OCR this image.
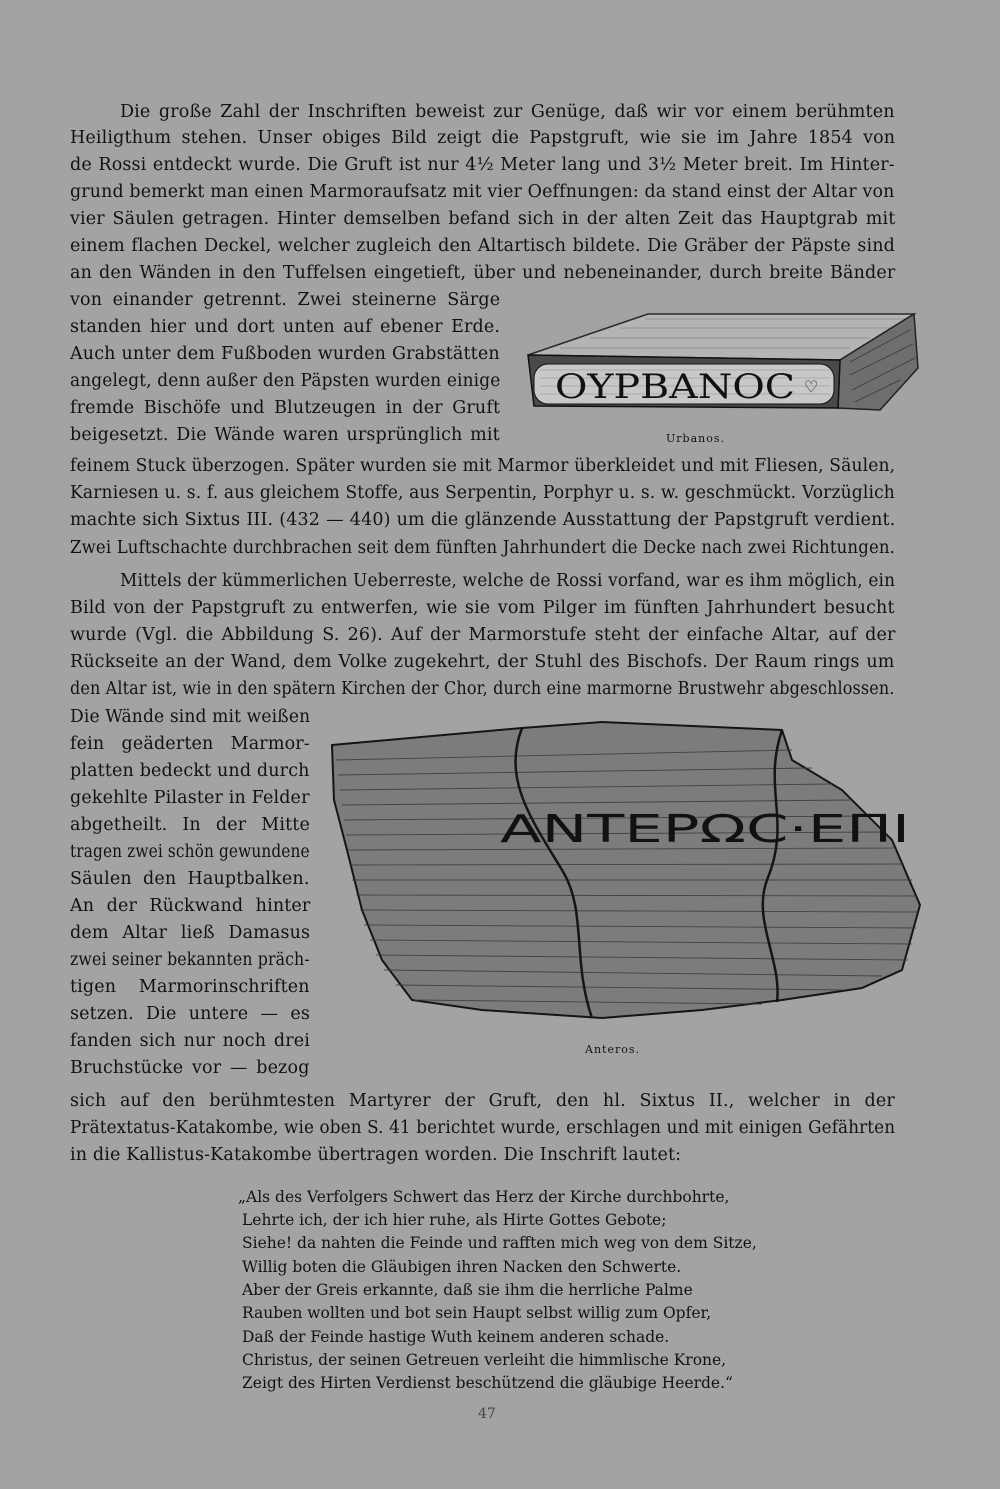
Die große Zahl der Inschriften beweist zur Genüge, daß wir vor einem berühmten
Heiligthum stehen. Unser obiges Bild zeigt die Papstgruft, wie sie im Jahre 1854 von
de Rossi entdeckt wurde. Die Gruft ist nur 4½ Meter lang und 3½ Meter breit. Im Hinter-
grund bemerkt man einen Marmoraufsatz mit vier Oeffnungen: da stand einst der Altar von
vier Säulen getragen. Hinter demselben befand sich in der alten Zeit das Hauptgrab mit
einem flachen Deckel, welcher zugleich den Altartisch bildete. Die Gräber der Päpste sind
an den Wänden in den Tuffelsen eingetieft, über und nebeneinander, durch breite Bänder
von einander getrennt. Zwei steinerne Särge
standen hier und dort unten auf ebener Erde.
Auch unter dem Fußboden wurden Grabstätten
angelegt, denn außer den Päpsten wurden einige
fremde Bischöfe und Blutzeugen in der Gruft
beigesetzt. Die Wände waren ursprünglich mit
feinem Stuck überzogen. Später wurden sie mit Marmor überkleidet und mit Fliesen, Säulen,
Karniesen u. s. f. aus gleichem Stoffe, aus Serpentin, Porphyr u. s. w. geschmückt. Vorzüglich
machte sich Sixtus III. (432 — 440) um die glänzende Ausstattung der Papstgruft verdient.
Zwei Luftschachte durchbrachen seit dem fünften Jahrhundert die Decke nach zwei Richtungen.
Mittels der kümmerlichen Ueberreste, welche de Rossi vorfand, war es ihm möglich, ein
Bild von der Papstgruft zu entwerfen, wie sie vom Pilger im fünften Jahrhundert besucht
wurde (Vgl. die Abbildung S. 26). Auf der Marmorstufe steht der einfache Altar, auf der
Rückseite an der Wand, dem Volke zugekehrt, der Stuhl des Bischofs. Der Raum rings um
den Altar ist, wie in den spätern Kirchen der Chor, durch eine marmorne Brustwehr abgeschlossen.
Die Wände sind mit weißen
fein geäderten Marmor-
platten bedeckt und durch
gekehlte Pilaster in Felder
abgetheilt. In der Mitte
tragen zwei schön gewundene
Säulen den Hauptbalken.
An der Rückwand hinter
dem Altar ließ Damasus
zwei seiner bekannten präch-
tigen Marmorinschriften
setzen. Die untere — es
fanden sich nur noch drei
Bruchstücke vor — bezog
sich auf den berühmtesten Martyrer der Gruft, den hl. Sixtus II., welcher in der
Prätextatus-Katakombe, wie oben S. 41 berichtet wurde, erschlagen und mit einigen Gefährten
in die Kallistus-Katakombe übertragen worden. Die Inschrift lautet:
ΟΥΡΒΑΝΟϹ ♡
Urbanos.
ΑΝΤΕΡΩϹ·ΕΠΙ
Anteros.
„Als des Verfolgers Schwert das Herz der Kirche durchbohrte,
Lehrte ich, der ich hier ruhe, als Hirte Gottes Gebote;
Siehe! da nahten die Feinde und rafften mich weg von dem Sitze,
Willig boten die Gläubigen ihren Nacken den Schwerte.
Aber der Greis erkannte, daß sie ihm die herrliche Palme
Rauben wollten und bot sein Haupt selbst willig zum Opfer,
Daß der Feinde hastige Wuth keinem anderen schade.
Christus, der seinen Getreuen verleiht die himmlische Krone,
Zeigt des Hirten Verdienst beschützend die gläubige Heerde.“
47
